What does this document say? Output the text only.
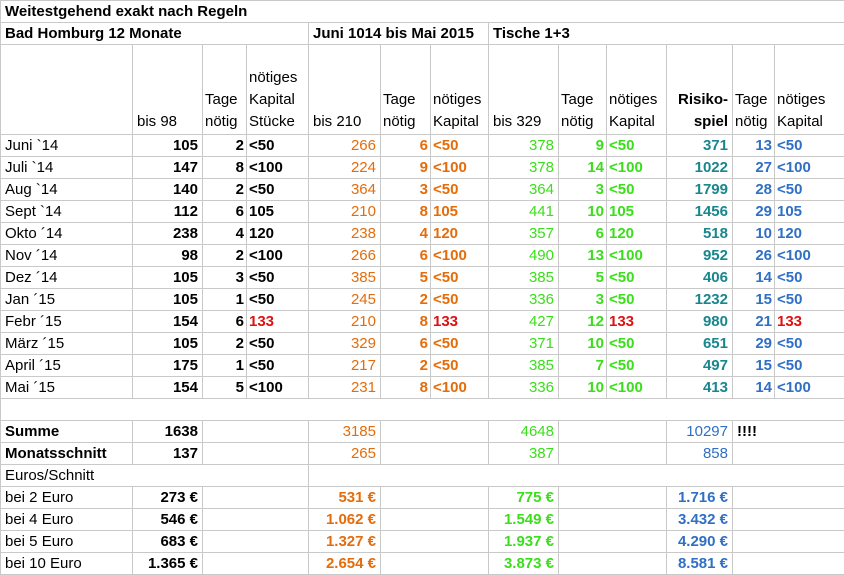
Weitestgehend exakt nach Regeln												
Bad Homburg 12 Monate				Juni 1014 bis Mai 2015			Tische 1+3					
	bis 98	Tage nötig	nötiges Kapital Stücke	bis 210	Tage nötig	nötiges Kapital	bis 329	Tage nötig	nötiges Kapital	Risiko-spiel	Tage nötig	nötiges Kapital
Juni `14	105	2	<50	266	6	<50	378	9	<50	371	13	<50
Juli `14	147	8	<100	224	9	<100	378	14	<100	1022	27	<100
Aug `14	140	2	<50	364	3	<50	364	3	<50	1799	28	<50
Sept `14	112	6	105	210	8	105	441	10	105	1456	29	105
Okto ´14	238	4	120	238	4	120	357	6	120	518	10	120
Nov ´14	98	2	<100	266	6	<100	490	13	<100	952	26	<100
Dez ´14	105	3	<50	385	5	<50	385	5	<50	406	14	<50
Jan ´15	105	1	<50	245	2	<50	336	3	<50	1232	15	<50
Febr ´15	154	6	133	210	8	133	427	12	133	980	21	133
März ´15	105	2	<50	329	6	<50	371	10	<50	651	29	<50
April ´15	175	1	<50	217	2	<50	385	7	<50	497	15	<50
Mai ´15	154	5	<100	231	8	<100	336	10	<100	413	14	<100

Summe	1638			3185			4648			10297	!!!!	
Monatsschnitt	137			265			387			858		
Euros/Schnitt												
bei 2 Euro	273 €			531 €			775 €			1.716 €		
bei 4 Euro	546 €			1.062 €			1.549 €			3.432 €		
bei 5 Euro	683 €			1.327 €			1.937 €			4.290 €		
bei 10 Euro	1.365 €			2.654 €			3.873 €			8.581 €		
